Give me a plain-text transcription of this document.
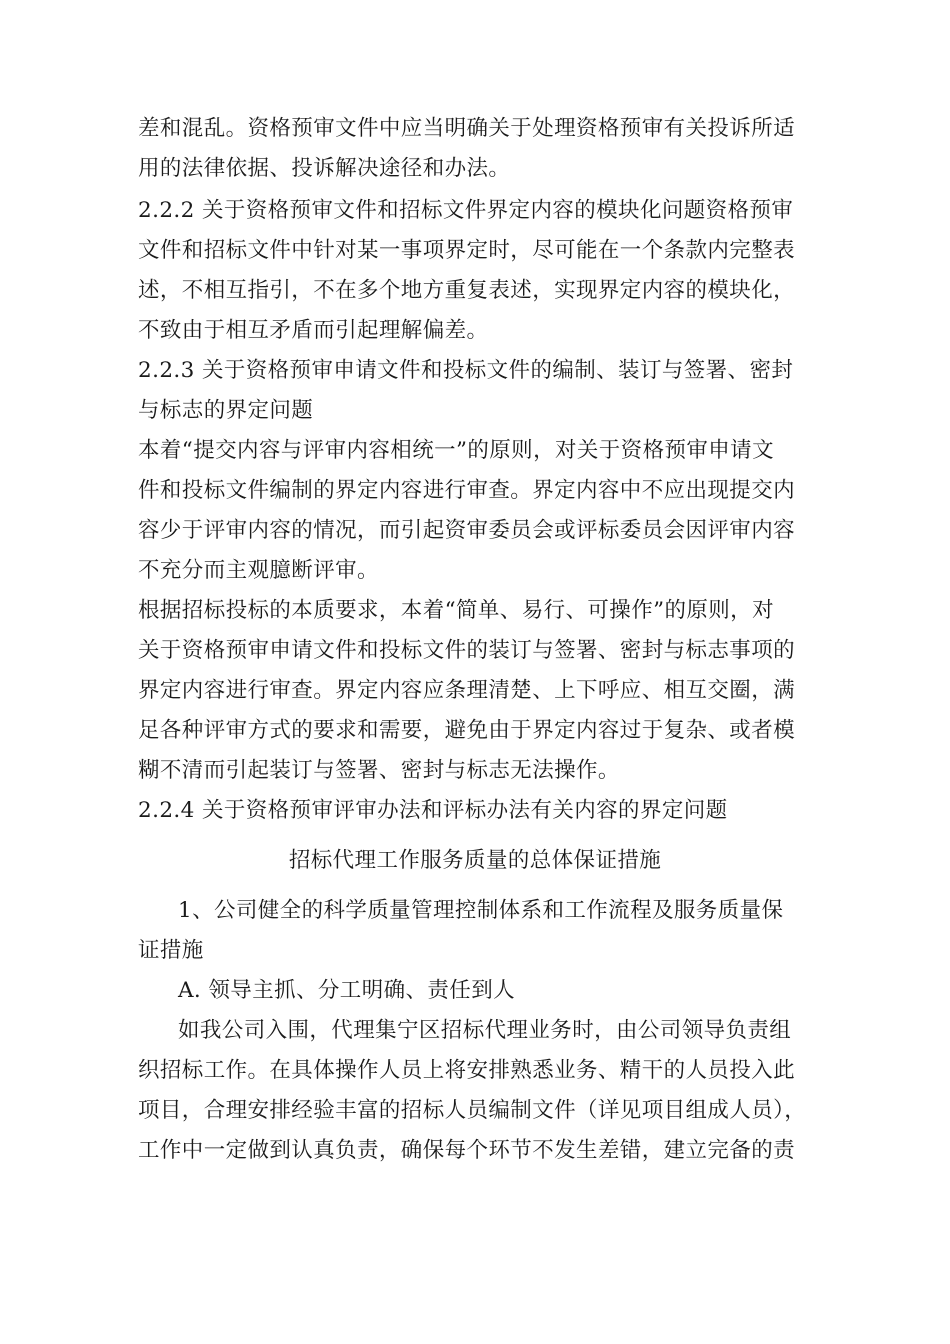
差和混乱。资格预审文件中应当明确关于处理资格预审有关投诉所适
用的法律依据、投诉解决途径和办法。
2.2.2 关于资格预审文件和招标文件界定内容的模块化问题资格预审
文件和招标文件中针对某一事项界定时，尽可能在一个条款内完整表
述，不相互指引，不在多个地方重复表述，实现界定内容的模块化，
不致由于相互矛盾而引起理解偏差。
2.2.3 关于资格预审申请文件和投标文件的编制、装订与签署、密封
与标志的界定问题
本着“提交内容与评审内容相统一”的原则，对关于资格预审申请文
件和投标文件编制的界定内容进行审查。界定内容中不应出现提交内
容少于评审内容的情况，而引起资审委员会或评标委员会因评审内容
不充分而主观臆断评审。
根据招标投标的本质要求，本着“简单、易行、可操作”的原则，对
关于资格预审申请文件和投标文件的装订与签署、密封与标志事项的
界定内容进行审查。界定内容应条理清楚、上下呼应、相互交圈，满
足各种评审方式的要求和需要，避免由于界定内容过于复杂、或者模
糊不清而引起装订与签署、密封与标志无法操作。
2.2.4 关于资格预审评审办法和评标办法有关内容的界定问题
招标代理工作服务质量的总体保证措施
1、公司健全的科学质量管理控制体系和工作流程及服务质量保
证措施
A. 领导主抓、分工明确、责任到人
如我公司入围，代理集宁区招标代理业务时，由公司领导负责组
织招标工作。在具体操作人员上将安排熟悉业务、精干的人员投入此
项目，合理安排经验丰富的招标人员编制文件（详见项目组成人员），
工作中一定做到认真负责，确保每个环节不发生差错，建立完备的责
